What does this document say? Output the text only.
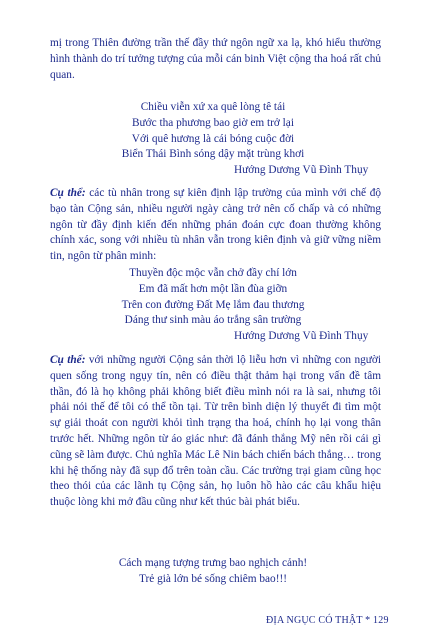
mị trong Thiên đường trần thế đầy thứ ngôn ngữ xa lạ, khó hiểu thường hình thành do trí tưởng tượng của mỗi cán binh Việt cộng tha hoá rất chủ quan.

Chiều viễn xứ xa quê lòng tê tái
Bước tha phương bao giờ em trở lại
Với quê hương là cái bóng cuộc đời
Biển Thái Bình sóng dậy mặt trùng khơi
Hướng Dương Vũ Đình Thụy

Cụ thể: các tù nhân trong sự kiên định lập trường của mình với chế độ bạo tàn Cộng sản, nhiều người ngày càng trở nên cố chấp và có những ngôn từ đầy định kiến đến những phán đoán cực đoan thường không chính xác, song với nhiều tù nhân vẫn trong kiên định và giữ vững niềm tin, ngôn từ phân minh:

Thuyền độc mộc vẫn chở đầy chí lớn
Em đã mất hơn một lần đùa giỡn
Trên con đường Đất Mẹ lắm đau thương
Dáng thư sinh màu áo trắng sân trường
Hướng Dương Vũ Đình Thụy

Cụ thể: với những người Cộng sản thời lộ liễu hơn vì những con người quen sống trong ngụy tín, nên có điều thật thảm hại trong vấn đề tâm thần, đó là họ không phải không biết điều mình nói ra là sai, nhưng tôi phải nói thế để tôi có thể tồn tại. Từ trên bình diện lý thuyết đi tìm một sự giải thoát con người khỏi tình trạng tha hoá, chính họ lại vong thân trước hết. Những ngôn từ áo giác như: đã đánh thắng Mỹ nên rồi cái gì cũng sẽ làm được. Chủ nghĩa Mác Lê Nin bách chiến bách thắng… trong khi hệ thống này đã sụp đổ trên toàn cầu. Các trường trại giam cũng học theo thói của các lãnh tụ Cộng sản, họ luôn hồ hào các câu khẩu hiệu thuộc lòng khi mở đầu cũng như kết thúc bài phát biểu.

Cách mạng tượng trưng bao nghịch cảnh!
Trẻ già lớn bé sống chiêm bao!!!
ĐỊA NGỤC CÓ THẬT * 129
